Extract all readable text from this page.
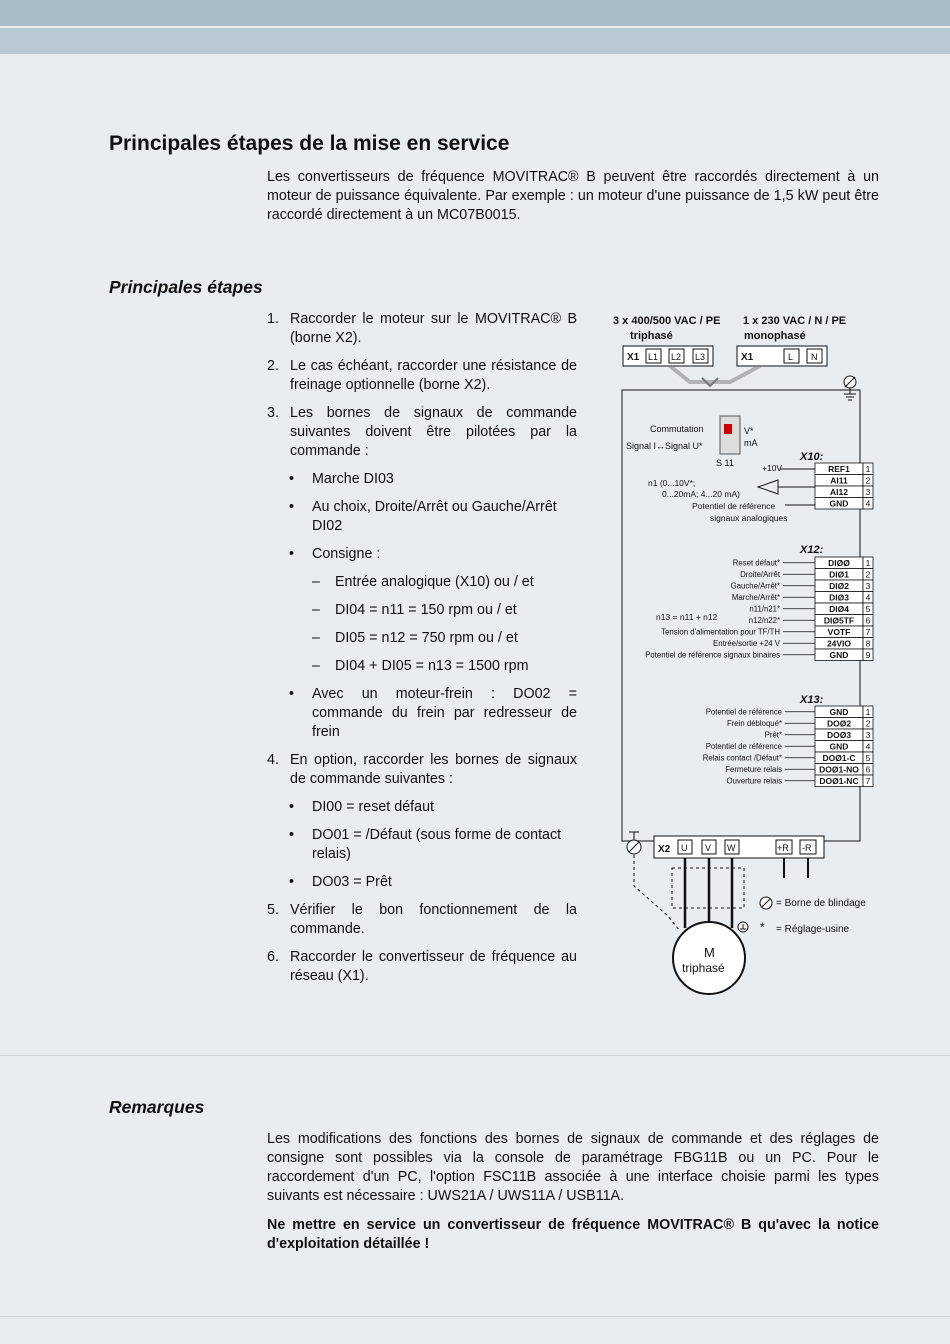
Principales étapes de la mise en service

Les convertisseurs de fréquence MOVITRAC® B peuvent être raccordés directement à un moteur de puissance équivalente. Par exemple : un moteur d'une puissance de 1,5 kW peut être raccordé directement à un MC07B0015.

Principales étapes
1. Raccorder le moteur sur le MOVITRAC® B (borne X2).
2. Le cas échéant, raccorder une résistance de freinage optionnelle (borne X2).
3. Les bornes de signaux de commande suivantes doivent être pilotées par la commande :
• Marche DI03
• Au choix, Droite/Arrêt ou Gauche/Arrêt DI02
• Consigne :
– Entrée analogique (X10) ou / et
– DI04 = n11 = 150 rpm ou / et
– DI05 = n12 = 750 rpm ou / et
– DI04 + DI05 = n13 = 1500 rpm
• Avec un moteur-frein : DO02 = commande du frein par redresseur de frein
4. En option, raccorder les bornes de signaux de commande suivantes :
• DI00 = reset défaut
• DO01 = /Défaut (sous forme de contact relais)
• DO03 = Prêt
5. Vérifier le bon fonctionnement de la commande.
6. Raccorder le convertisseur de fréquence au réseau (X1).
3 x 400/500 VAC / PE
triphasé
1 x 230 VAC / N / PE
monophasé
X1 L1 L2 L3	X1	L N
Commutation
Signal I↔Signal U*
V*
mA
S 11	X10:
REF1 1
AI11 2
AI12 3
GND 4
+10V
n1 (0...10V*;
0...20mA; 4...20 mA)
Potentiel de référence
signaux analogiques
X12:
DIØØ 1
Reset défaut*
DIØ1 2
Droite/Arrêt
DIØ2 3
Gauche/Arrêt*
DIØ3 4
Marche/Arrêt*
DIØ4 5
n11/n21*
DIØ5TF 6
n12/n22*
VOTF 7
Tension d'alimentation pour TF/TH
24VIO 8
Entrée/sortie +24 V
GND 9
Potentiel de référence signaux binaires
n13 = n11 + n12
X13:
GND 1
Potentiel de référence
DOØ2 2
Frein débloqué*
DOØ3 3
Prêt*
GND 4
Potentiel de référence
DOØ1-C 5
Relais contact /Défaut*
DOØ1-NO 6
Fermeture relais
DOØ1-NC 7
Ouverture relais
X2 U V W	+R -R
M
triphasé
= Borne de blindage
* = Réglage-usine
Remarques

Les modifications des fonctions des bornes de signaux de commande et des réglages de consigne sont possibles via la console de paramétrage FBG11B ou un PC. Pour le raccordement d'un PC, l'option FSC11B associée à une interface choisie parmi les types suivants est nécessaire : UWS21A / UWS11A / USB11A.

Ne mettre en service un convertisseur de fréquence MOVITRAC® B qu'avec la notice d'exploitation détaillée !
